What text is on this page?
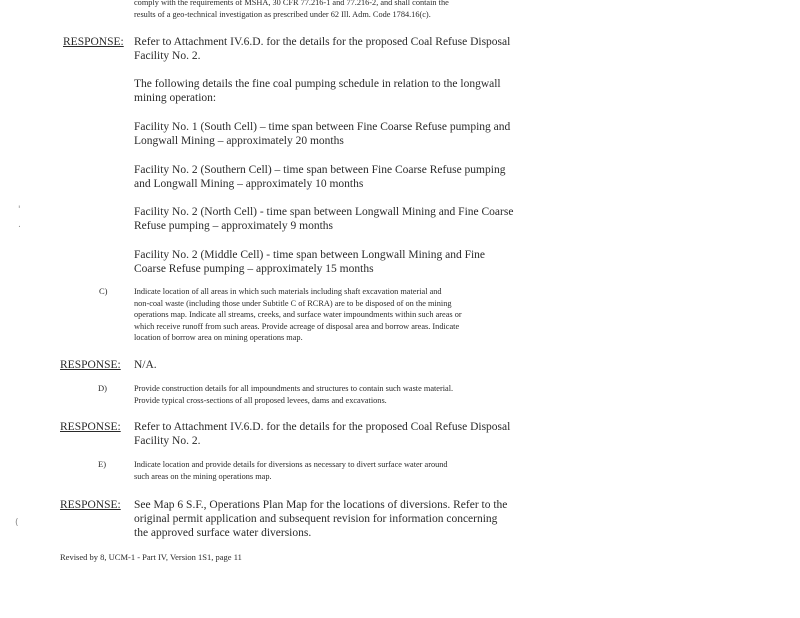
comply with the requirements of MSHA, 30 CFR 77.216-1 and 77.216-2, and shall contain the
results of a geo-technical investigation as prescribed under 62 Ill. Adm. Code 1784.16(c).
RESPONSE: Refer to Attachment IV.6.D. for the details for the proposed Coal Refuse Disposal
Facility No. 2.
The following details the fine coal pumping schedule in relation to the longwall
mining operation:
Facility No. 1 (South Cell) – time span between Fine Coarse Refuse pumping and
Longwall Mining – approximately 20 months
Facility No. 2 (Southern Cell) – time span between Fine Coarse Refuse pumping
and Longwall Mining – approximately 10 months
Facility No. 2 (North Cell) - time span between Longwall Mining and Fine Coarse
Refuse pumping – approximately 9 months
Facility No. 2 (Middle Cell) - time span between Longwall Mining and Fine
Coarse Refuse pumping – approximately 15 months
C)	Indicate location of all areas in which such materials including shaft excavation material and
non-coal waste (including those under Subtitle C of RCRA) are to be disposed of on the mining
operations map. Indicate all streams, creeks, and surface water impoundments within such areas or
which receive runoff from such areas. Provide acreage of disposal area and borrow areas. Indicate
location of borrow area on mining operations map.
RESPONSE: N/A.
D)	Provide construction details for all impoundments and structures to contain such waste material.
Provide typical cross-sections of all proposed levees, dams and excavations.
RESPONSE: Refer to Attachment IV.6.D. for the details for the proposed Coal Refuse Disposal
Facility No. 2.
E)	Indicate location and provide details for diversions as necessary to divert surface water around
such areas on the mining operations map.
RESPONSE: See Map 6 S.F., Operations Plan Map for the locations of diversions. Refer to the
original permit application and subsequent revision for information concerning
the approved surface water diversions.
Revised by 8, UCM-1 - Part IV, Version 1S1, page 11
'
.
(
